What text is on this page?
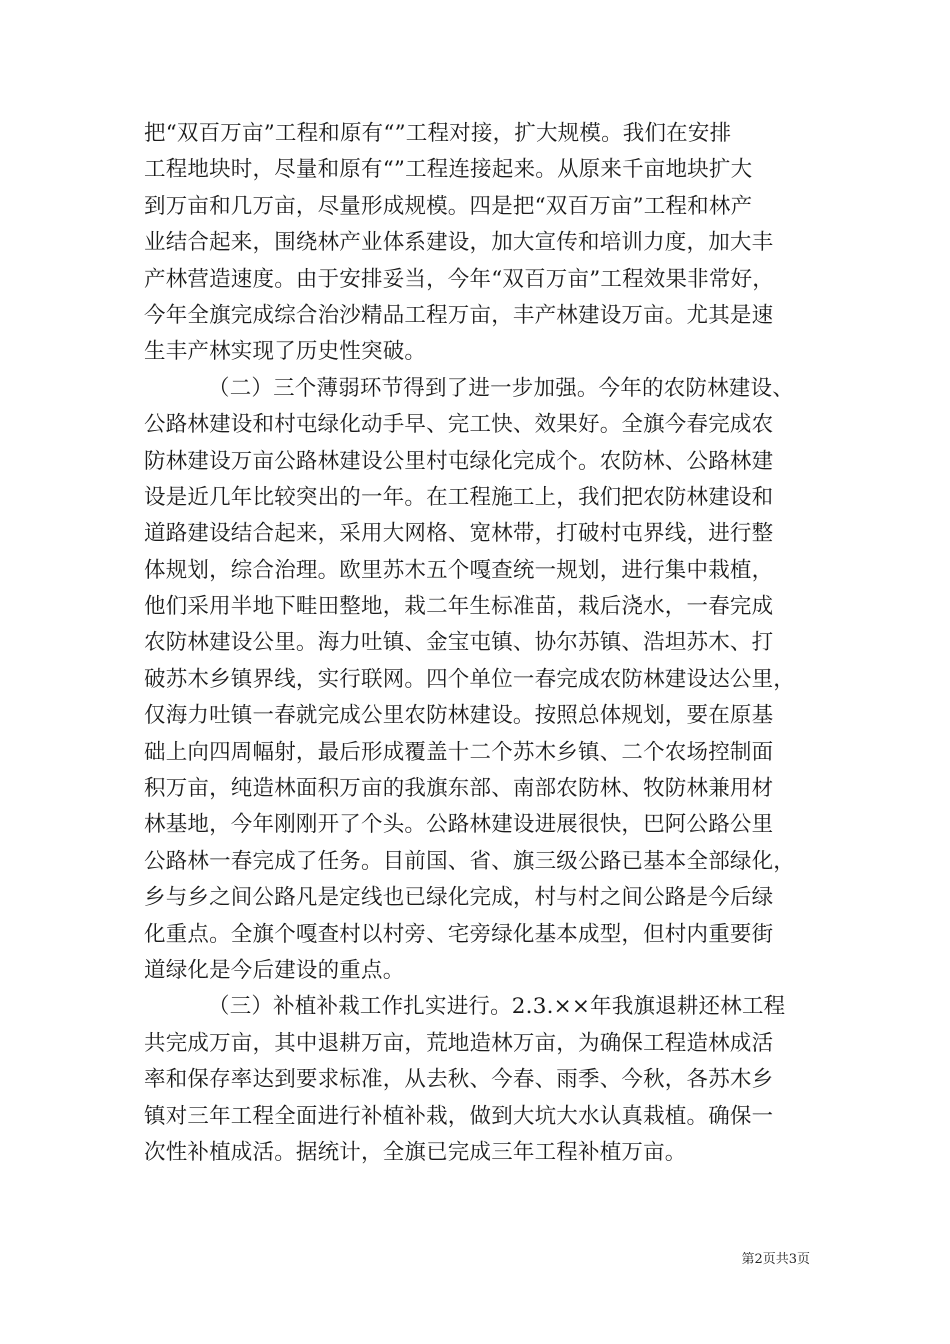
把“双百万亩”工程和原有“”工程对接，扩大规模。我们在安排
工程地块时，尽量和原有“”工程连接起来。从原来千亩地块扩大
到万亩和几万亩，尽量形成规模。四是把“双百万亩”工程和林产
业结合起来，围绕林产业体系建设，加大宣传和培训力度，加大丰
产林营造速度。由于安排妥当，今年“双百万亩”工程效果非常好，
今年全旗完成综合治沙精品工程万亩，丰产林建设万亩。尤其是速
生丰产林实现了历史性突破。
（二）三个薄弱环节得到了进一步加强。今年的农防林建设、
公路林建设和村屯绿化动手早、完工快、效果好。全旗今春完成农
防林建设万亩公路林建设公里村屯绿化完成个。农防林、公路林建
设是近几年比较突出的一年。在工程施工上，我们把农防林建设和
道路建设结合起来，采用大网格、宽林带，打破村屯界线，进行整
体规划，综合治理。欧里苏木五个嘎查统一规划，进行集中栽植，
他们采用半地下畦田整地，栽二年生标准苗，栽后浇水，一春完成
农防林建设公里。海力吐镇、金宝屯镇、协尔苏镇、浩坦苏木、打
破苏木乡镇界线，实行联网。四个单位一春完成农防林建设达公里，
仅海力吐镇一春就完成公里农防林建设。按照总体规划，要在原基
础上向四周幅射，最后形成覆盖十二个苏木乡镇、二个农场控制面
积万亩，纯造林面积万亩的我旗东部、南部农防林、牧防林兼用材
林基地，今年刚刚开了个头。公路林建设进展很快，巴阿公路公里
公路林一春完成了任务。目前国、省、旗三级公路已基本全部绿化，
乡与乡之间公路凡是定线也已绿化完成，村与村之间公路是今后绿
化重点。全旗个嘎查村以村旁、宅旁绿化基本成型，但村内重要街
道绿化是今后建设的重点。
（三）补植补栽工作扎实进行。2.3.××年我旗退耕还林工程
共完成万亩，其中退耕万亩，荒地造林万亩，为确保工程造林成活
率和保存率达到要求标准，从去秋、今春、雨季、今秋，各苏木乡
镇对三年工程全面进行补植补栽，做到大坑大水认真栽植。确保一
次性补植成活。据统计，全旗已完成三年工程补植万亩。
第2页共3页
